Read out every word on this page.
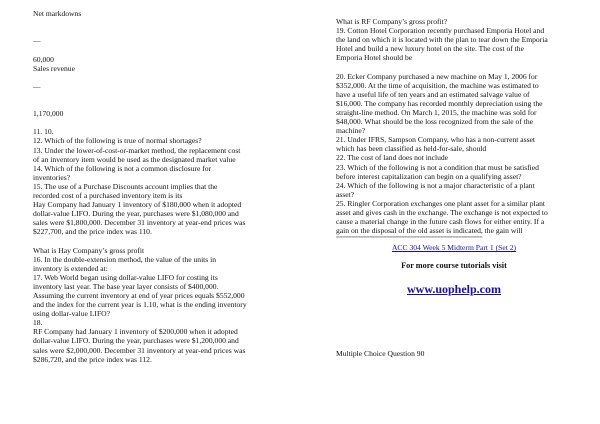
Net markdowns
—
60,000
Sales revenue
—
1,170,000
11. 10.
12. Which of the following is true of normal shortages?
13. Under the lower-of-cost-or-market method, the replacement cost
of an inventory item would be used as the designated market value
14. Which of the following is not a common disclosure for
inventories?
15. The use of a Purchase Discounts account implies that the
recorded cost of a purchased inventory item is its
Hay Company had January 1 inventory of $180,000 when it adopted
dollar-value LIFO. During the year, purchases were $1,080,000 and
sales were $1,800,000. December 31 inventory at year-end prices was
$227,700, and the price index was 110.
What is Hay Company’s gross profit
16. In the double-extension method, the value of the units in
inventory is extended at:
17. Web World began using dollar-value LIFO for costing its
inventory last year. The base year layer consists of $400,000.
Assuming the current inventory at end of year prices equals $552,000
and the index for the current year is 1.10, what is the ending inventory
using dollar-value LIFO?
18.
RF Company had January 1 inventory of $200,000 when it adopted
dollar-value LIFO. During the year, purchases were $1,200,000 and
sales were $2,000,000. December 31 inventory at year-end prices was
$286,720, and the price index was 112.
What is RF Company’s gross profit?
19. Cotton Hotel Corporation recently purchased Emporia Hotel and
the land on which it is located with the plan to tear down the Emporia
Hotel and build a new luxury hotel on the site. The cost of the
Emporia Hotel should be
20. Ecker Company purchased a new machine on May 1, 2006 for
$352,000. At the time of acquisition, the machine was estimated to
have a useful life of ten years and an estimated salvage value of
$16,000. The company has recorded monthly depreciation using the
straight-line method. On March 1, 2015, the machine was sold for
$48,000. What should be the loss recognized from the sale of the
machine?
21. Under IFRS, Sampson Company, who has a non-current asset
which has been classified as held-for-sale, should
22. The cost of land does not include
23. Which of the following is not a condition that must be satisfied
before interest capitalization can begin on a qualifying asset?
24. Which of the following is not a major characteristic of a plant
asset?
25. Ringler Corporation exchanges one plant asset for a similar plant
asset and gives cash in the exchange. The exchange is not expected to
cause a material change in the future cash flows for either entity. If a
gain on the disposal of the old asset is indicated, the gain will
=================================================
ACC 304 Week 5 Midterm Part 1 (Set 2)
For more course tutorials visit
www.uophelp.com
Multiple Choice Question 90
